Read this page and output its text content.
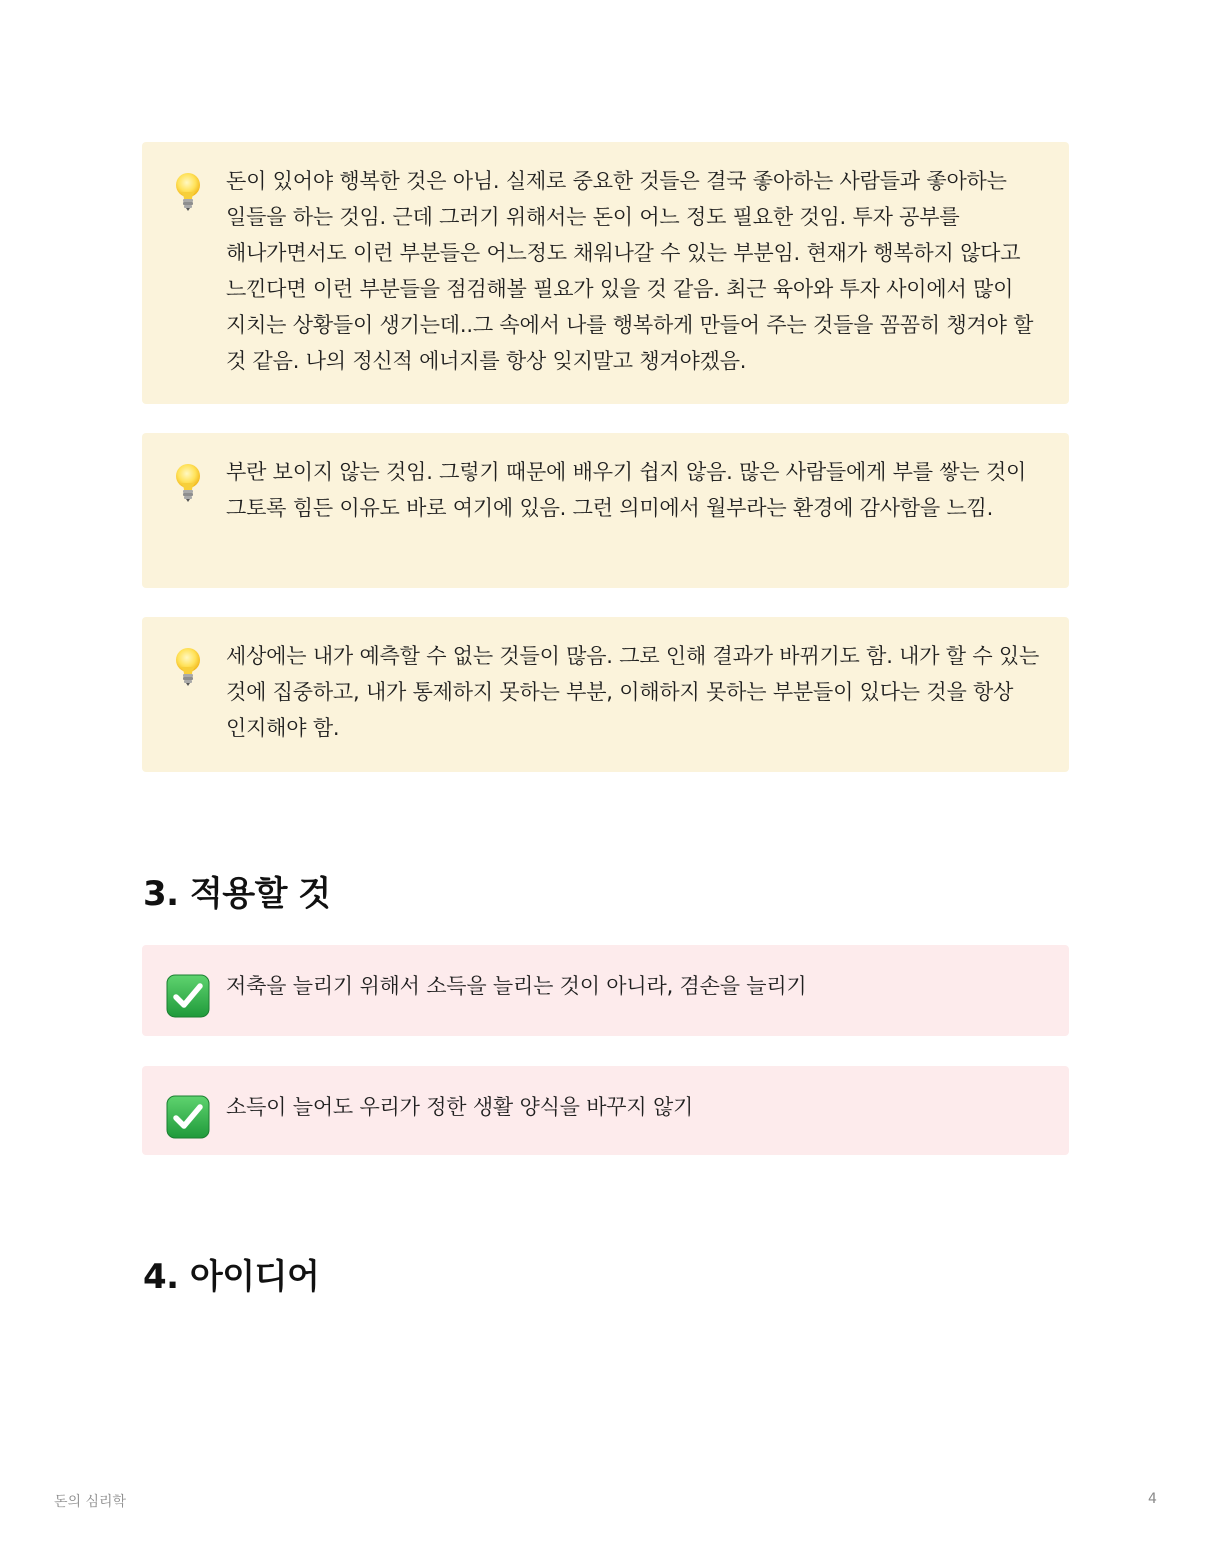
돈이 있어야 행복한 것은 아님. 실제로 중요한 것들은 결국 좋아하는 사람들과 좋아하는 일들을 하는 것임. 근데 그러기 위해서는 돈이 어느 정도 필요한 것임. 투자 공부를 해나가면서도 이런 부분들은 어느정도 채워나갈 수 있는 부분임. 현재가 행복하지 않다고 느낀다면 이런 부분들을 점검해볼 필요가 있을 것 같음. 최근 육아와 투자 사이에서 많이 지치는 상황들이 생기는데..그 속에서 나를 행복하게 만들어 주는 것들을 꼼꼼히 챙겨야 할 것 같음. 나의 정신적 에너지를 항상 잊지말고 챙겨야겠음.
부란 보이지 않는 것임. 그렇기 때문에 배우기 쉽지 않음. 많은 사람들에게 부를 쌓는 것이 그토록 힘든 이유도 바로 여기에 있음. 그런 의미에서 월부라는 환경에 감사함을 느낌.
세상에는 내가 예측할 수 없는 것들이 많음. 그로 인해 결과가 바뀌기도 함. 내가 할 수 있는 것에 집중하고, 내가 통제하지 못하는 부분, 이해하지 못하는 부분들이 있다는 것을 항상 인지해야 함.
3. 적용할 것
저축을 늘리기 위해서 소득을 늘리는 것이 아니라, 겸손을 늘리기
소득이 늘어도 우리가 정한 생활 양식을 바꾸지 않기
4. 아이디어
돈의 심리학	4
